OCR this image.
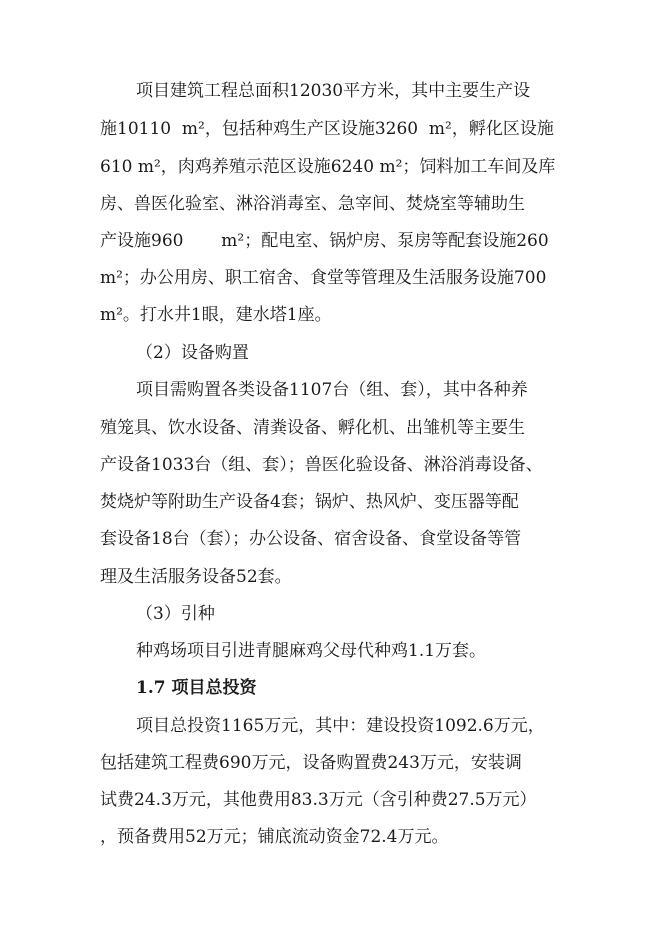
项目建筑工程总面积12030平方米，其中主要生产设
施10110  m²，包括种鸡生产区设施3260  m²，孵化区设施
610 m²，肉鸡养殖示范区设施6240 m²；饲料加工车间及库
房、兽医化验室、淋浴消毒室、急宰间、焚烧室等辅助生
产设施960       m²；配电室、锅炉房、泵房等配套设施260
m²；办公用房、职工宿舍、食堂等管理及生活服务设施700
m²。打水井1眼，建水塔1座。
（2）设备购置
项目需购置各类设备1107台（组、套），其中各种养
殖笼具、饮水设备、清粪设备、孵化机、出雏机等主要生
产设备1033台（组、套）；兽医化验设备、淋浴消毒设备、
焚烧炉等附助生产设备4套；锅炉、热风炉、变压器等配
套设备18台（套）；办公设备、宿舍设备、食堂设备等管
理及生活服务设备52套。
（3）引种
种鸡场项目引进青腿麻鸡父母代种鸡1.1万套。
1.7 项目总投资
项目总投资1165万元，其中：建设投资1092.6万元，
包括建筑工程费690万元，设备购置费243万元，安装调
试费24.3万元，其他费用83.3万元（含引种费27.5万元）
，预备费用52万元；铺底流动资金72.4万元。
